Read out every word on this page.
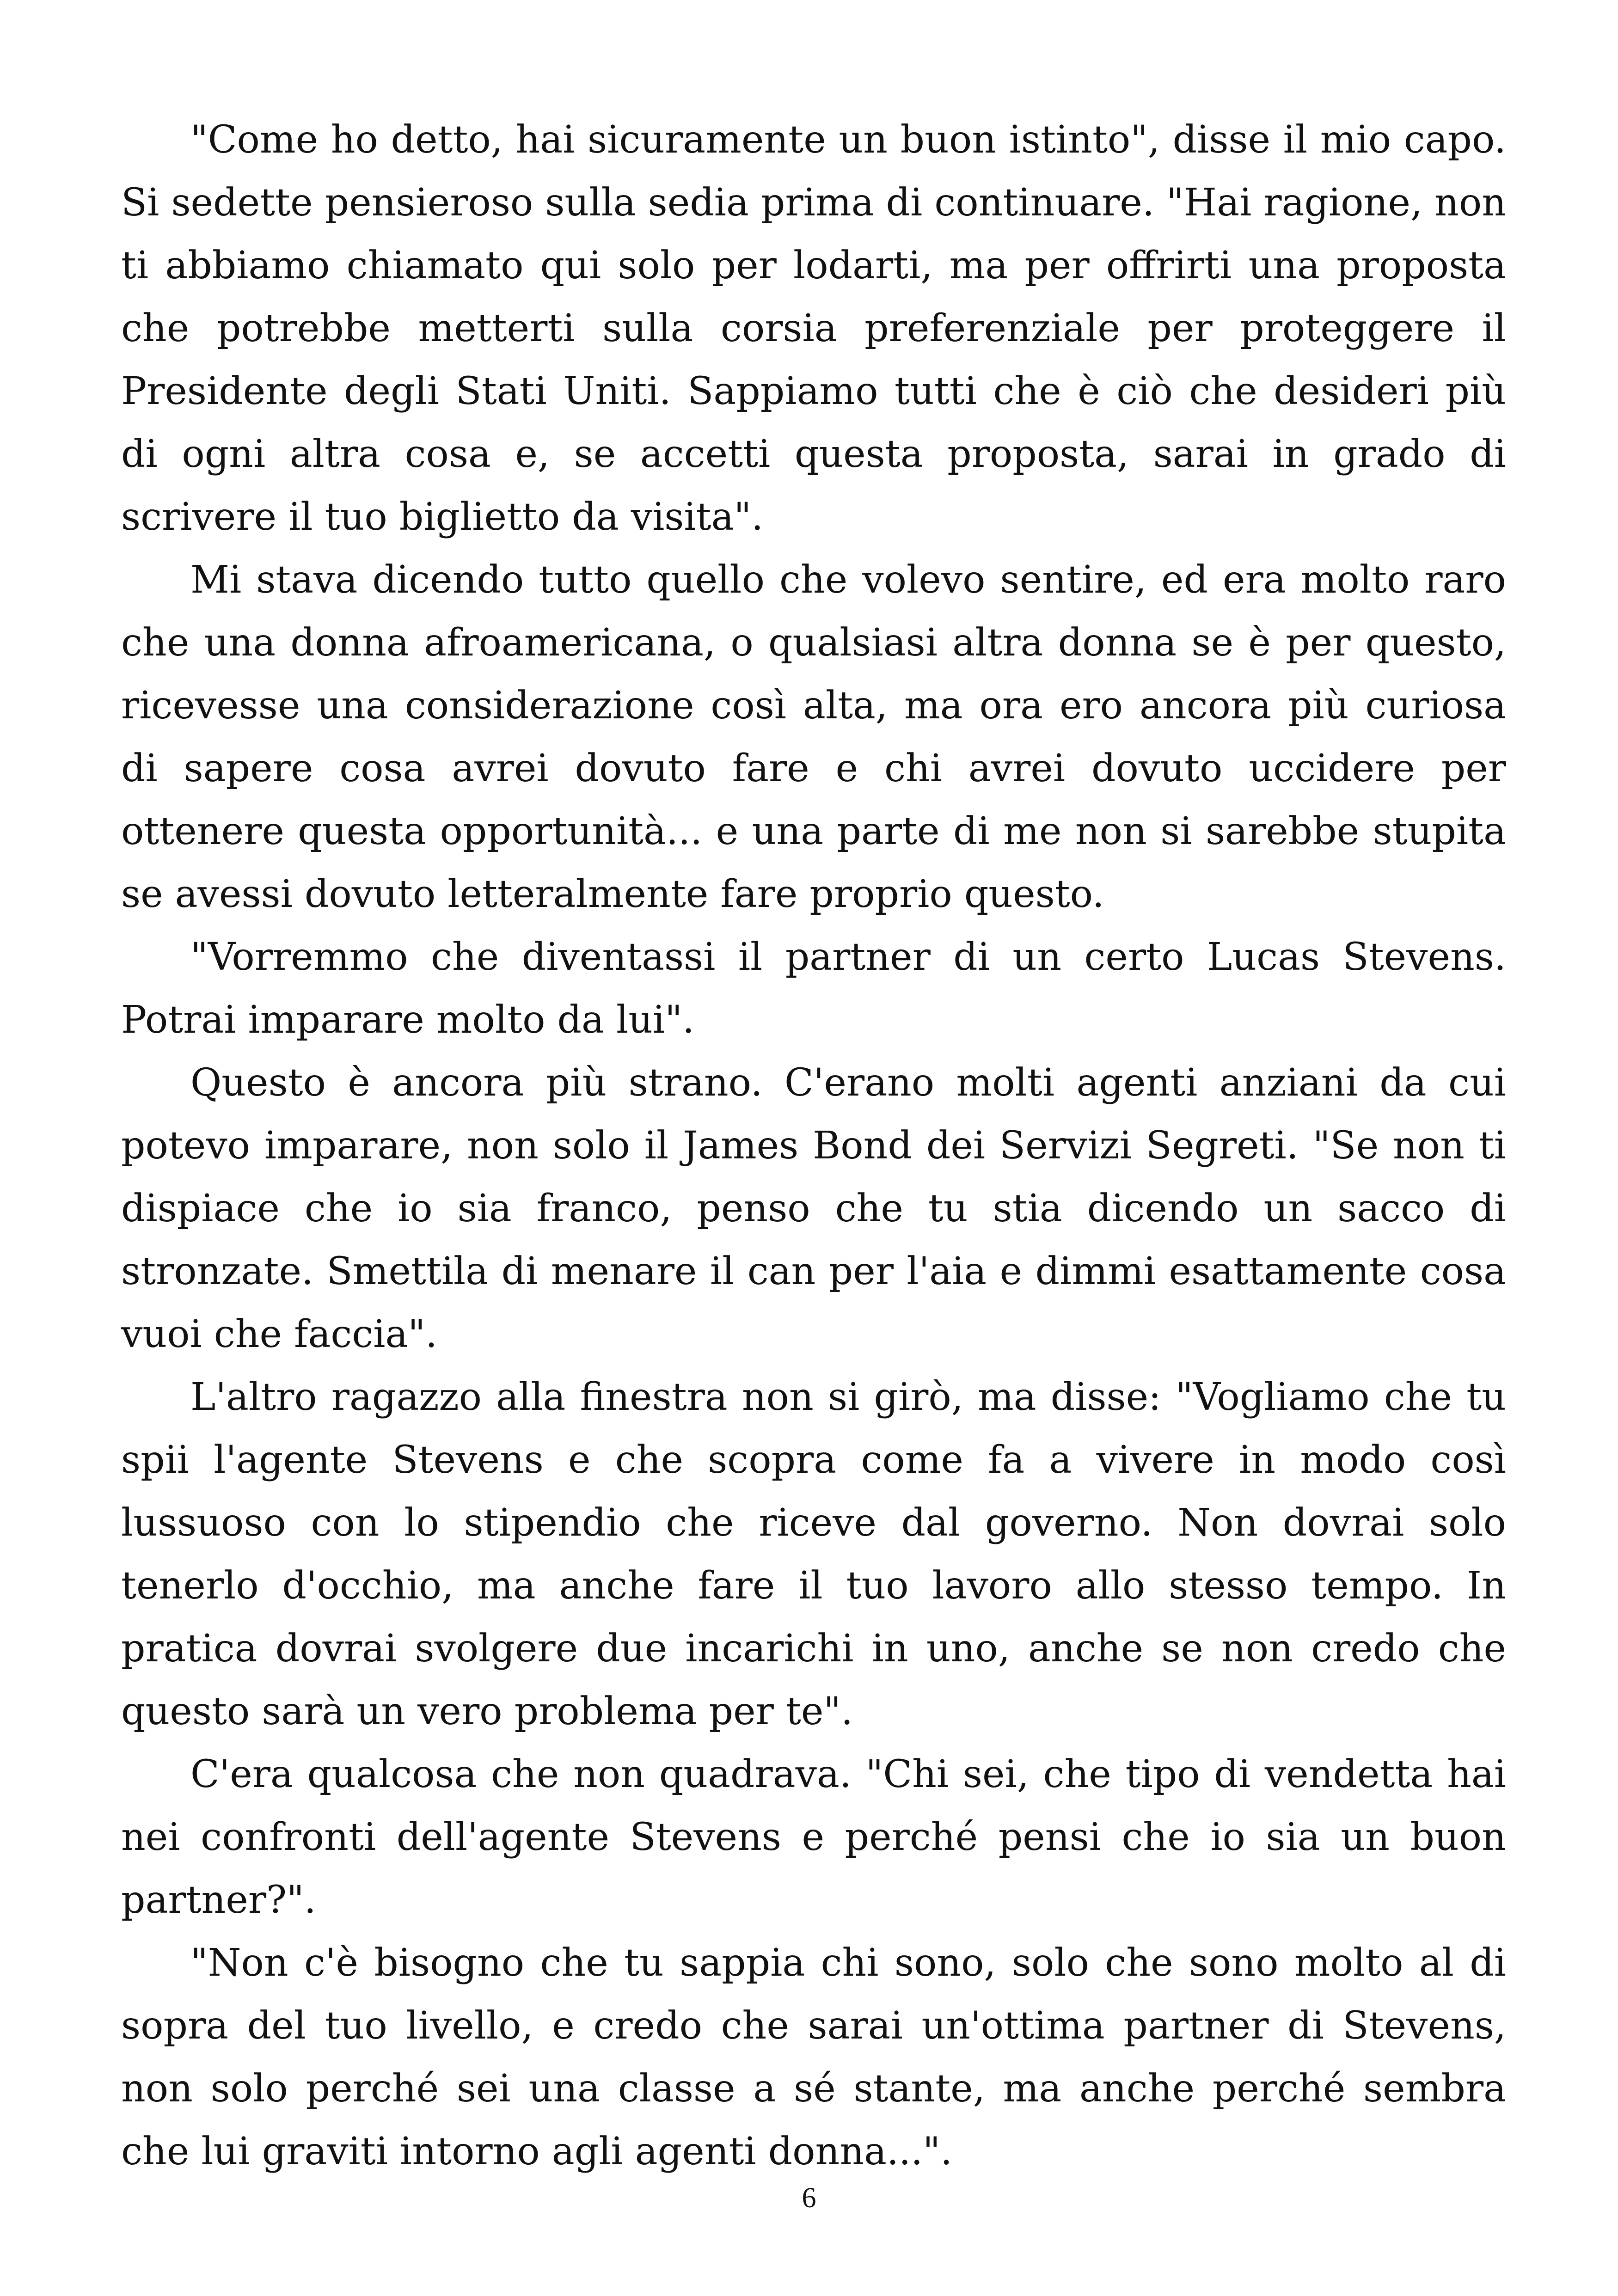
"Come ho detto, hai sicuramente un buon istinto", disse il mio capo. Si sedette pensieroso sulla sedia prima di continuare. "Hai ragione, non ti abbiamo chiamato qui solo per lodarti, ma per offrirti una proposta che potrebbe metterti sulla corsia preferenziale per proteggere il Presidente degli Stati Uniti. Sappiamo tutti che è ciò che desideri più di ogni altra cosa e, se accetti questa proposta, sarai in grado di scrivere il tuo biglietto da visita".

Mi stava dicendo tutto quello che volevo sentire, ed era molto raro che una donna afroamericana, o qualsiasi altra donna se è per questo, ricevesse una considerazione così alta, ma ora ero ancora più curiosa di sapere cosa avrei dovuto fare e chi avrei dovuto uccidere per ottenere questa opportunità... e una parte di me non si sarebbe stupita se avessi dovuto letteralmente fare proprio questo.

"Vorremmo che diventassi il partner di un certo Lucas Stevens. Potrai imparare molto da lui".

Questo è ancora più strano. C'erano molti agenti anziani da cui potevo imparare, non solo il James Bond dei Servizi Segreti. "Se non ti dispiace che io sia franco, penso che tu stia dicendo un sacco di stronzate. Smettila di menare il can per l'aia e dimmi esattamente cosa vuoi che faccia".

L'altro ragazzo alla finestra non si girò, ma disse: "Vogliamo che tu spii l'agente Stevens e che scopra come fa a vivere in modo così lussuoso con lo stipendio che riceve dal governo. Non dovrai solo tenerlo d'occhio, ma anche fare il tuo lavoro allo stesso tempo. In pratica dovrai svolgere due incarichi in uno, anche se non credo che questo sarà un vero problema per te".

C'era qualcosa che non quadrava. "Chi sei, che tipo di vendetta hai nei confronti dell'agente Stevens e perché pensi che io sia un buon partner?".

"Non c'è bisogno che tu sappia chi sono, solo che sono molto al di sopra del tuo livello, e credo che sarai un'ottima partner di Stevens, non solo perché sei una classe a sé stante, ma anche perché sembra che lui graviti intorno agli agenti donna...".

6
